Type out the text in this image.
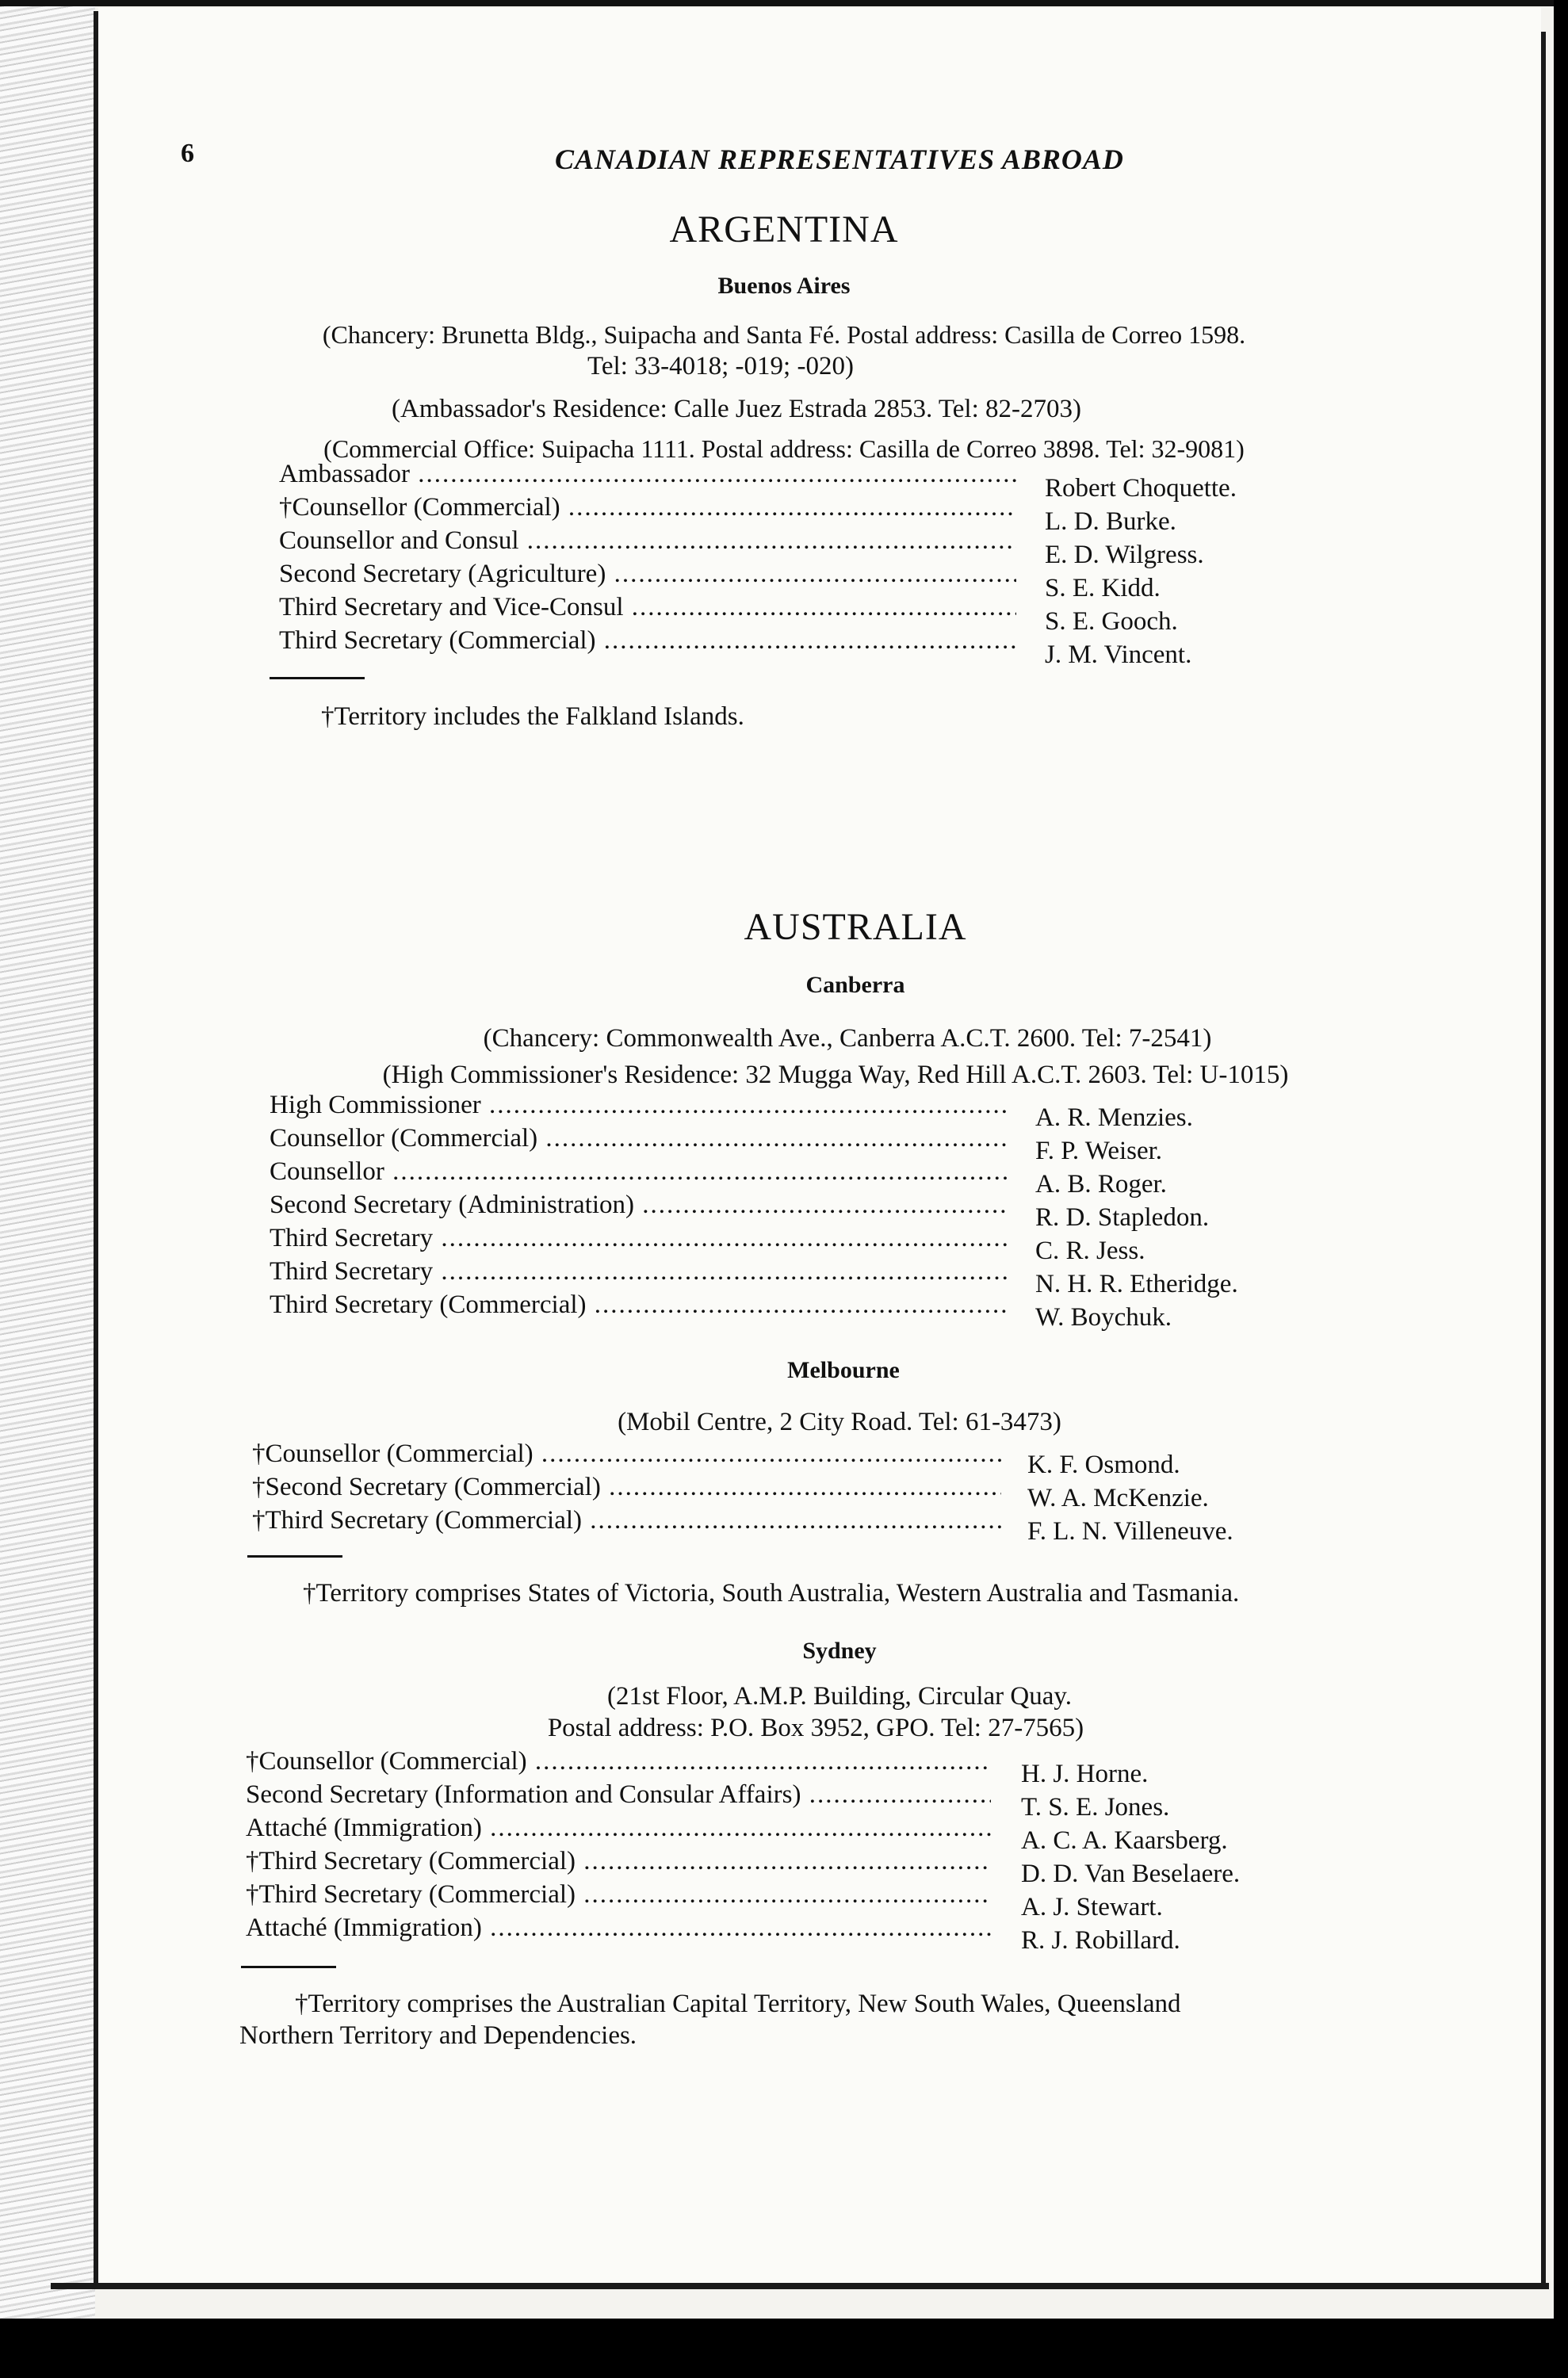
6	CANADIAN REPRESENTATIVES ABROAD
ARGENTINA
Buenos Aires
(Chancery: Brunetta Bldg., Suipacha and Santa Fé. Postal address: Casilla de Correo 1598.
Tel: 33-4018; -019; -020)
(Ambassador's Residence: Calle Juez Estrada 2853. Tel: 82-2703)
(Commercial Office: Suipacha 1111. Postal address: Casilla de Correo 3898. Tel: 32-9081)
Ambassador .....
†Counsellor (Commercial) .....
Counsellor and Consul .....
Second Secretary (Agriculture) .....
Third Secretary and Vice-Consul .....
Third Secretary (Commercial) .....
Robert Choquette.
L. D. Burke.
E. D. Wilgress.
S. E. Kidd.
S. E. Gooch.
J. M. Vincent.
†Territory includes the Falkland Islands.
AUSTRALIA
Canberra
(Chancery: Commonwealth Ave., Canberra A.C.T. 2600. Tel: 7-2541)
(High Commissioner's Residence: 32 Mugga Way, Red Hill A.C.T. 2603. Tel: U-1015)
High Commissioner .....
Counsellor (Commercial) .....
Counsellor .....
Second Secretary (Administration) .....
Third Secretary .....
Third Secretary .....
Third Secretary (Commercial) .....
A. R. Menzies.
F. P. Weiser.
A. B. Roger.
R. D. Stapledon.
C. R. Jess.
N. H. R. Etheridge.
W. Boychuk.
Melbourne
(Mobil Centre, 2 City Road. Tel: 61-3473)
†Counsellor (Commercial) .....
†Second Secretary (Commercial) .....
†Third Secretary (Commercial) .....
K. F. Osmond.
W. A. McKenzie.
F. L. N. Villeneuve.
†Territory comprises States of Victoria, South Australia, Western Australia and Tasmania.
Sydney
(21st Floor, A.M.P. Building, Circular Quay.
Postal address: P.O. Box 3952, GPO. Tel: 27-7565)
†Counsellor (Commercial) .....
Second Secretary (Information and Consular Affairs) .....
Attaché (Immigration) .....
†Third Secretary (Commercial) .....
†Third Secretary (Commercial) .....
Attaché (Immigration) .....
H. J. Horne.
T. S. E. Jones.
A. C. A. Kaarsberg.
D. D. Van Beselaere.
A. J. Stewart.
R. J. Robillard.
†Territory comprises the Australian Capital Territory, New South Wales, Queensland
Northern Territory and Dependencies.
